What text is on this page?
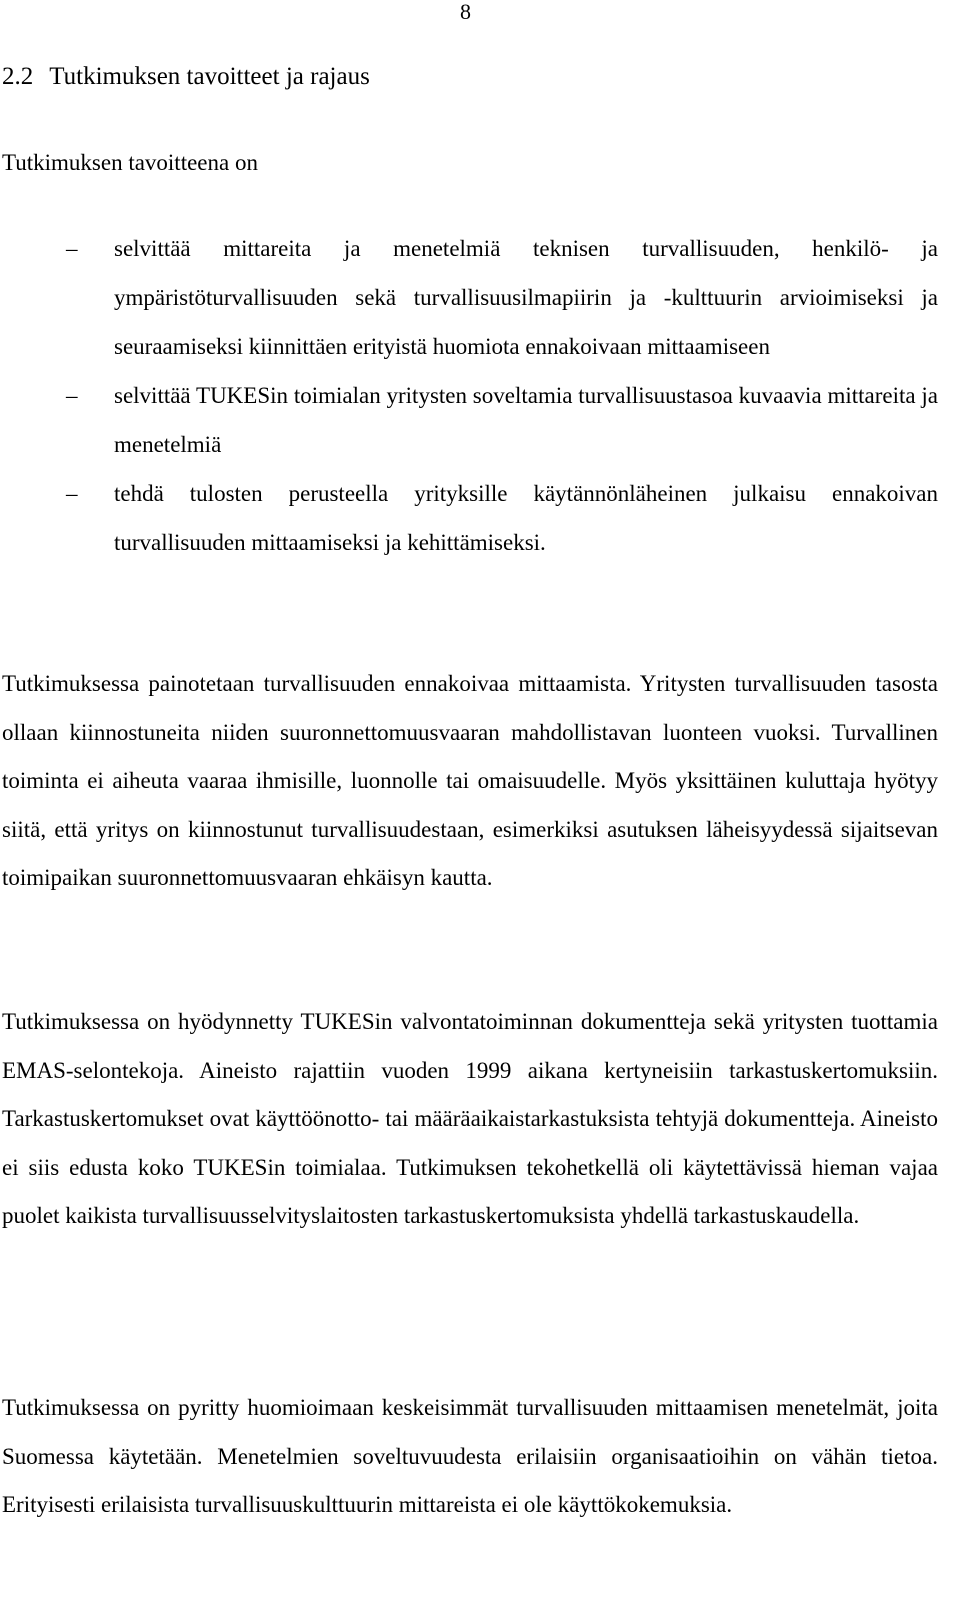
8
2.2 Tutkimuksen tavoitteet ja rajaus

Tutkimuksen tavoitteena on

–	selvittää mittareita ja menetelmiä teknisen turvallisuuden, henkilö- ja ympäristöturvallisuuden sekä turvallisuusilmapiirin ja -kulttuurin arvioimiseksi ja seuraamiseksi kiinnittäen erityistä huomiota ennakoivaan mittaamiseen
–	selvittää TUKESin toimialan yritysten soveltamia turvallisuustasoa kuvaavia mittareita ja menetelmiä
–	tehdä tulosten perusteella yrityksille käytännönläheinen julkaisu ennakoivan turvallisuuden mittaamiseksi ja kehittämiseksi.

Tutkimuksessa painotetaan turvallisuuden ennakoivaa mittaamista. Yritysten turvallisuuden tasosta ollaan kiinnostuneita niiden suuronnettomuusvaaran mahdollistavan luonteen vuoksi. Turvallinen toiminta ei aiheuta vaaraa ihmisille, luonnolle tai omaisuudelle. Myös yksittäinen kuluttaja hyötyy siitä, että yritys on kiinnostunut turvallisuudestaan, esimerkiksi asutuksen läheisyydessä sijaitsevan toimipaikan suuronnettomuusvaaran ehkäisyn kautta.

Tutkimuksessa on hyödynnetty TUKESin valvontatoiminnan dokumentteja sekä yritysten tuottamia EMAS-selontekoja. Aineisto rajattiin vuoden 1999 aikana kertyneisiin tarkastuskertomuksiin. Tarkastuskertomukset ovat käyttöönotto- tai määräaikaistarkastuksista tehtyjä dokumentteja. Aineisto ei siis edusta koko TUKESin toimialaa. Tutkimuksen tekohetkellä oli käytettävissä hieman vajaa puolet kaikista turvallisuusselvityslaitosten tarkastuskertomuksista yhdellä tarkastuskaudella.

Tutkimuksessa on pyritty huomioimaan keskeisimmät turvallisuuden mittaamisen menetelmät, joita Suomessa käytetään. Menetelmien soveltuvuudesta erilaisiin organisaatioihin on vähän tietoa. Erityisesti erilaisista turvallisuuskulttuurin mittareista ei ole käyttökokemuksia.
